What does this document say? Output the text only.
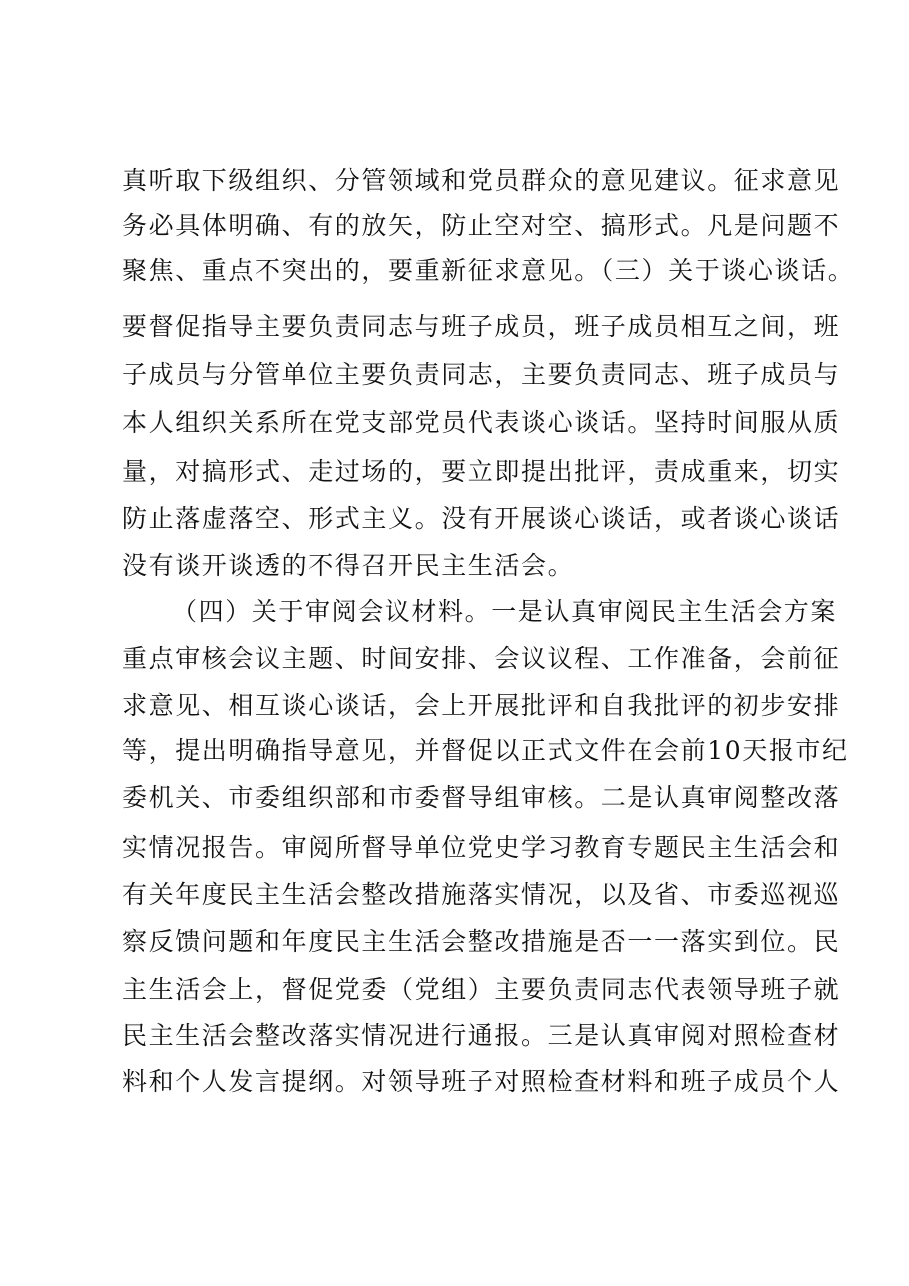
真听取下级组织、分管领域和党员群众的意见建议。征求意见
务必具体明确、有的放矢，防止空对空、搞形式。凡是问题不
聚焦、重点不突出的，要重新征求意见。（三）关于谈心谈话。
要督促指导主要负责同志与班子成员，班子成员相互之间，班
子成员与分管单位主要负责同志，主要负责同志、班子成员与
本人组织关系所在党支部党员代表谈心谈话。坚持时间服从质
量，对搞形式、走过场的，要立即提出批评，责成重来，切实
防止落虚落空、形式主义。没有开展谈心谈话，或者谈心谈话
没有谈开谈透的不得召开民主生活会。
（四）关于审阅会议材料。一是认真审阅民主生活会方案
重点审核会议主题、时间安排、会议议程、工作准备，会前征
求意见、相互谈心谈话，会上开展批评和自我批评的初步安排
等，提出明确指导意见，并督促以正式文件在会前10天报市纪
委机关、市委组织部和市委督导组审核。二是认真审阅整改落
实情况报告。审阅所督导单位党史学习教育专题民主生活会和
有关年度民主生活会整改措施落实情况，以及省、市委巡视巡
察反馈问题和年度民主生活会整改措施是否一一落实到位。民
主生活会上，督促党委（党组）主要负责同志代表领导班子就
民主生活会整改落实情况进行通报。三是认真审阅对照检查材
料和个人发言提纲。对领导班子对照检查材料和班子成员个人
